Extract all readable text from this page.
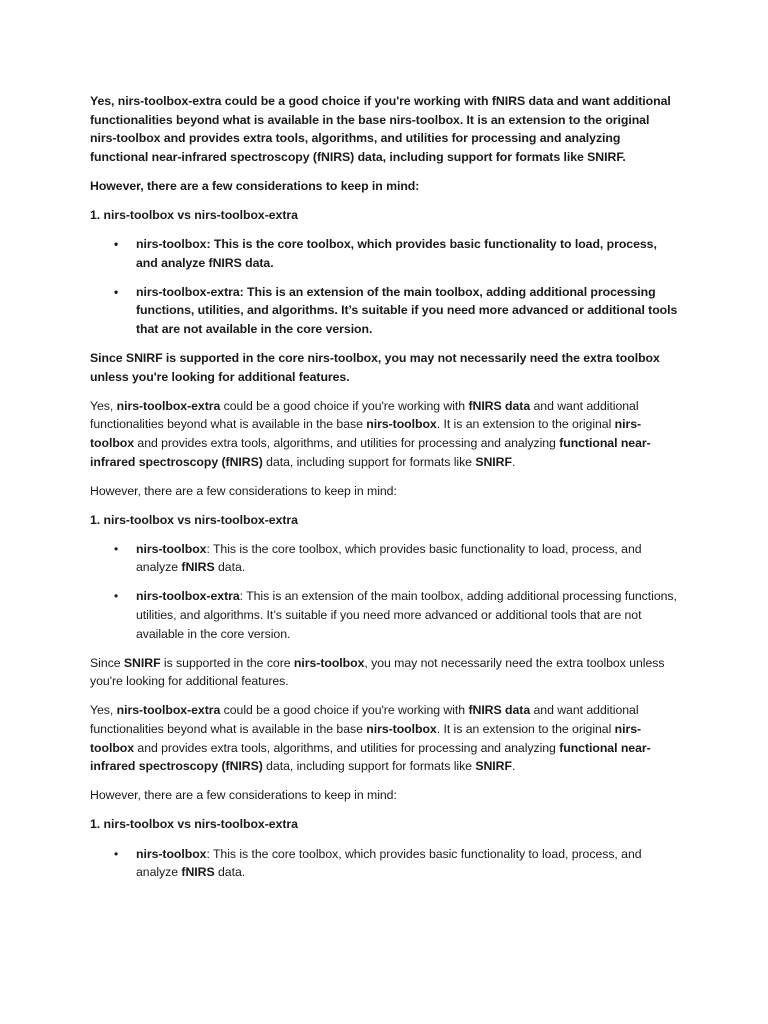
Yes, nirs-toolbox-extra could be a good choice if you're working with fNIRS data and want additional functionalities beyond what is available in the base nirs-toolbox. It is an extension to the original nirs-toolbox and provides extra tools, algorithms, and utilities for processing and analyzing functional near-infrared spectroscopy (fNIRS) data, including support for formats like SNIRF.

However, there are a few considerations to keep in mind:

1. nirs-toolbox vs nirs-toolbox-extra

• nirs-toolbox: This is the core toolbox, which provides basic functionality to load, process, and analyze fNIRS data.
• nirs-toolbox-extra: This is an extension of the main toolbox, adding additional processing functions, utilities, and algorithms. It’s suitable if you need more advanced or additional tools that are not available in the core version.

Since SNIRF is supported in the core nirs-toolbox, you may not necessarily need the extra toolbox unless you're looking for additional features.

Yes, nirs-toolbox-extra could be a good choice if you're working with fNIRS data and want additional functionalities beyond what is available in the base nirs-toolbox. It is an extension to the original nirs-toolbox and provides extra tools, algorithms, and utilities for processing and analyzing functional near-infrared spectroscopy (fNIRS) data, including support for formats like SNIRF.

However, there are a few considerations to keep in mind:

1. nirs-toolbox vs nirs-toolbox-extra

• nirs-toolbox: This is the core toolbox, which provides basic functionality to load, process, and analyze fNIRS data.
• nirs-toolbox-extra: This is an extension of the main toolbox, adding additional processing functions, utilities, and algorithms. It’s suitable if you need more advanced or additional tools that are not available in the core version.

Since SNIRF is supported in the core nirs-toolbox, you may not necessarily need the extra toolbox unless you're looking for additional features.

Yes, nirs-toolbox-extra could be a good choice if you're working with fNIRS data and want additional functionalities beyond what is available in the base nirs-toolbox. It is an extension to the original nirs-toolbox and provides extra tools, algorithms, and utilities for processing and analyzing functional near-infrared spectroscopy (fNIRS) data, including support for formats like SNIRF.

However, there are a few considerations to keep in mind:

1. nirs-toolbox vs nirs-toolbox-extra

• nirs-toolbox: This is the core toolbox, which provides basic functionality to load, process, and analyze fNIRS data.
